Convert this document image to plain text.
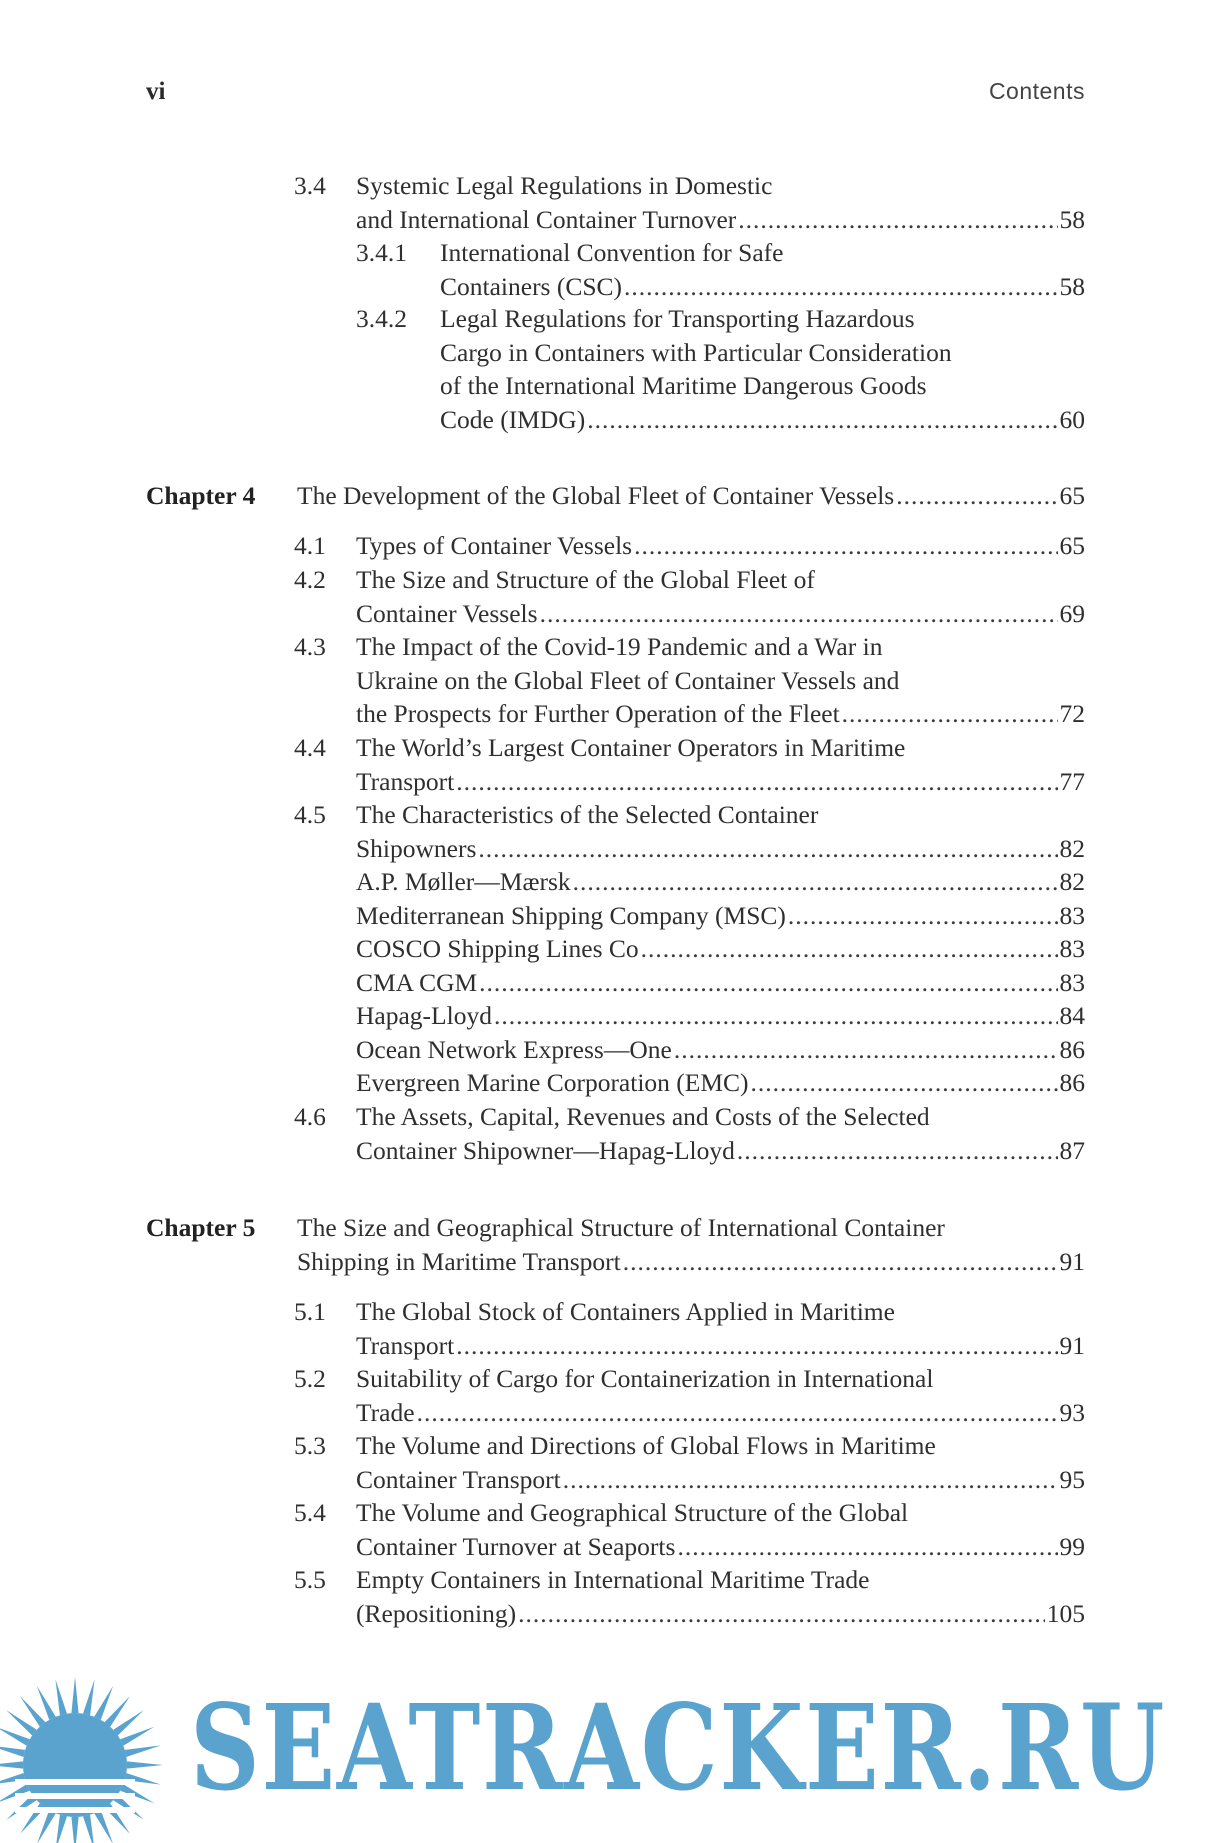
vi	Contents
3.4 Systemic Legal Regulations in Domestic
and International Container Turnover .....	58
3.4.1 International Convention for Safe
Containers (CSC) .....	58
3.4.2 Legal Regulations for Transporting Hazardous
Cargo in Containers with Particular Consideration
of the International Maritime Dangerous Goods
Code (IMDG) .....	60
Chapter 4 The Development of the Global Fleet of Container Vessels .....	65
4.1 Types of Container Vessels .....	65
4.2 The Size and Structure of the Global Fleet of
Container Vessels .....	69
4.3 The Impact of the Covid-19 Pandemic and a War in
Ukraine on the Global Fleet of Container Vessels and
the Prospects for Further Operation of the Fleet .....	72
4.4 The World’s Largest Container Operators in Maritime
Transport .....	77
4.5 The Characteristics of the Selected Container
Shipowners .....	82
A.P. Møller—Mærsk .....	82
Mediterranean Shipping Company (MSC) .....	83
COSCO Shipping Lines Co .....	83
CMA CGM .....	83
Hapag-Lloyd .....	84
Ocean Network Express—One .....	86
Evergreen Marine Corporation (EMC) .....	86
4.6 The Assets, Capital, Revenues and Costs of the Selected
Container Shipowner—Hapag-Lloyd .....	87
Chapter 5 The Size and Geographical Structure of International Container
Shipping in Maritime Transport .....	91
5.1 The Global Stock of Containers Applied in Maritime
Transport .....	91
5.2 Suitability of Cargo for Containerization in International
Trade .....	93
5.3 The Volume and Directions of Global Flows in Maritime
Container Transport .....	95
5.4 The Volume and Geographical Structure of the Global
Container Turnover at Seaports .....	99
5.5 Empty Containers in International Maritime Trade
(Repositioning) .....	105
SEATRACKER.RU
